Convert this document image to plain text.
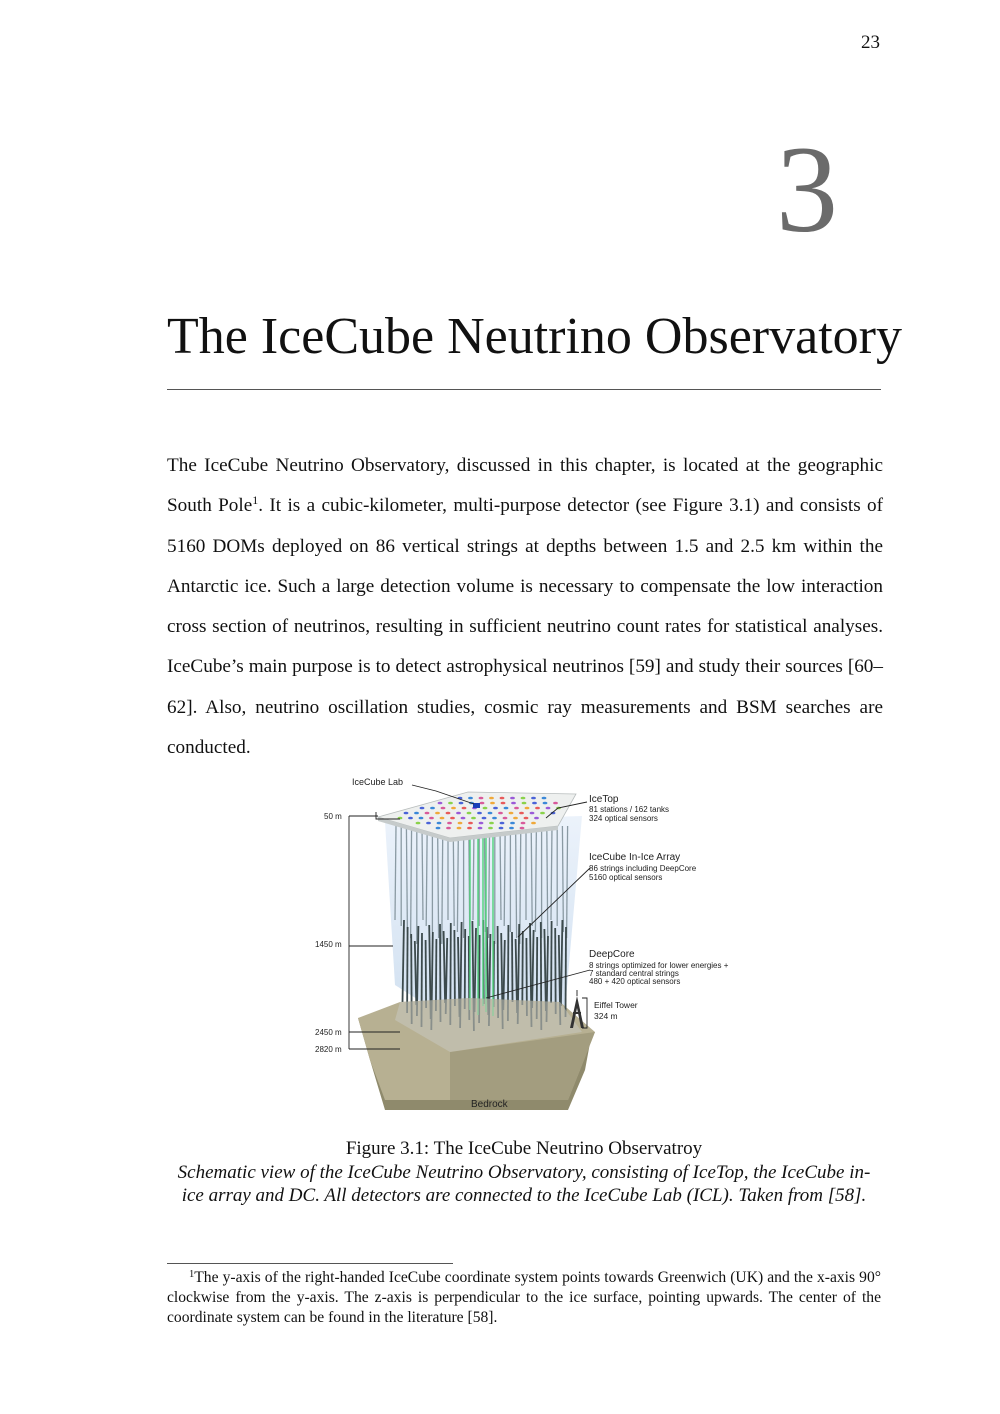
23
3
The IceCube Neutrino Observatory

The IceCube Neutrino Observatory, discussed in this chapter, is located at the geographic South Pole$^1$. It is a cubic-kilometer, multi-purpose detector (see Figure 3.1) and consists of 5160 DOMs deployed on 86 vertical strings at depths between 1.5 and 2.5 km within the Antarctic ice. Such a large detection volume is necessary to compensate the low interaction cross section of neutrinos, resulting in sufficient neutrino count rates for statistical analyses. IceCube’s main purpose is to detect astrophysical neutrinos [59] and study their sources [60–62]. Also, neutrino oscillation studies, cosmic ray measurements and BSM searches are conducted.

IceCube Lab
IceTop
81 stations / 162 tanks
324 optical sensors
IceCube In-Ice Array
86 strings including DeepCore
5160 optical sensors
DeepCore
8 strings optimized for lower energies +
7 standard central strings
480 + 420 optical sensors
Eiffel Tower
324 m
50 m
1450 m
2450 m
2820 m
Bedrock
Figure 3.1: The IceCube Neutrino Observatroy
Schematic view of the IceCube Neutrino Observatory, consisting of IceTop, the IceCube in-ice array and DC. All detectors are connected to the IceCube Lab (ICL). Taken from [58].

$^1$The y-axis of the right-handed IceCube coordinate system points towards Greenwich (UK) and the x-axis 90° clockwise from the y-axis. The z-axis is perpendicular to the ice surface, pointing upwards. The center of the coordinate system can be found in the literature [58].
